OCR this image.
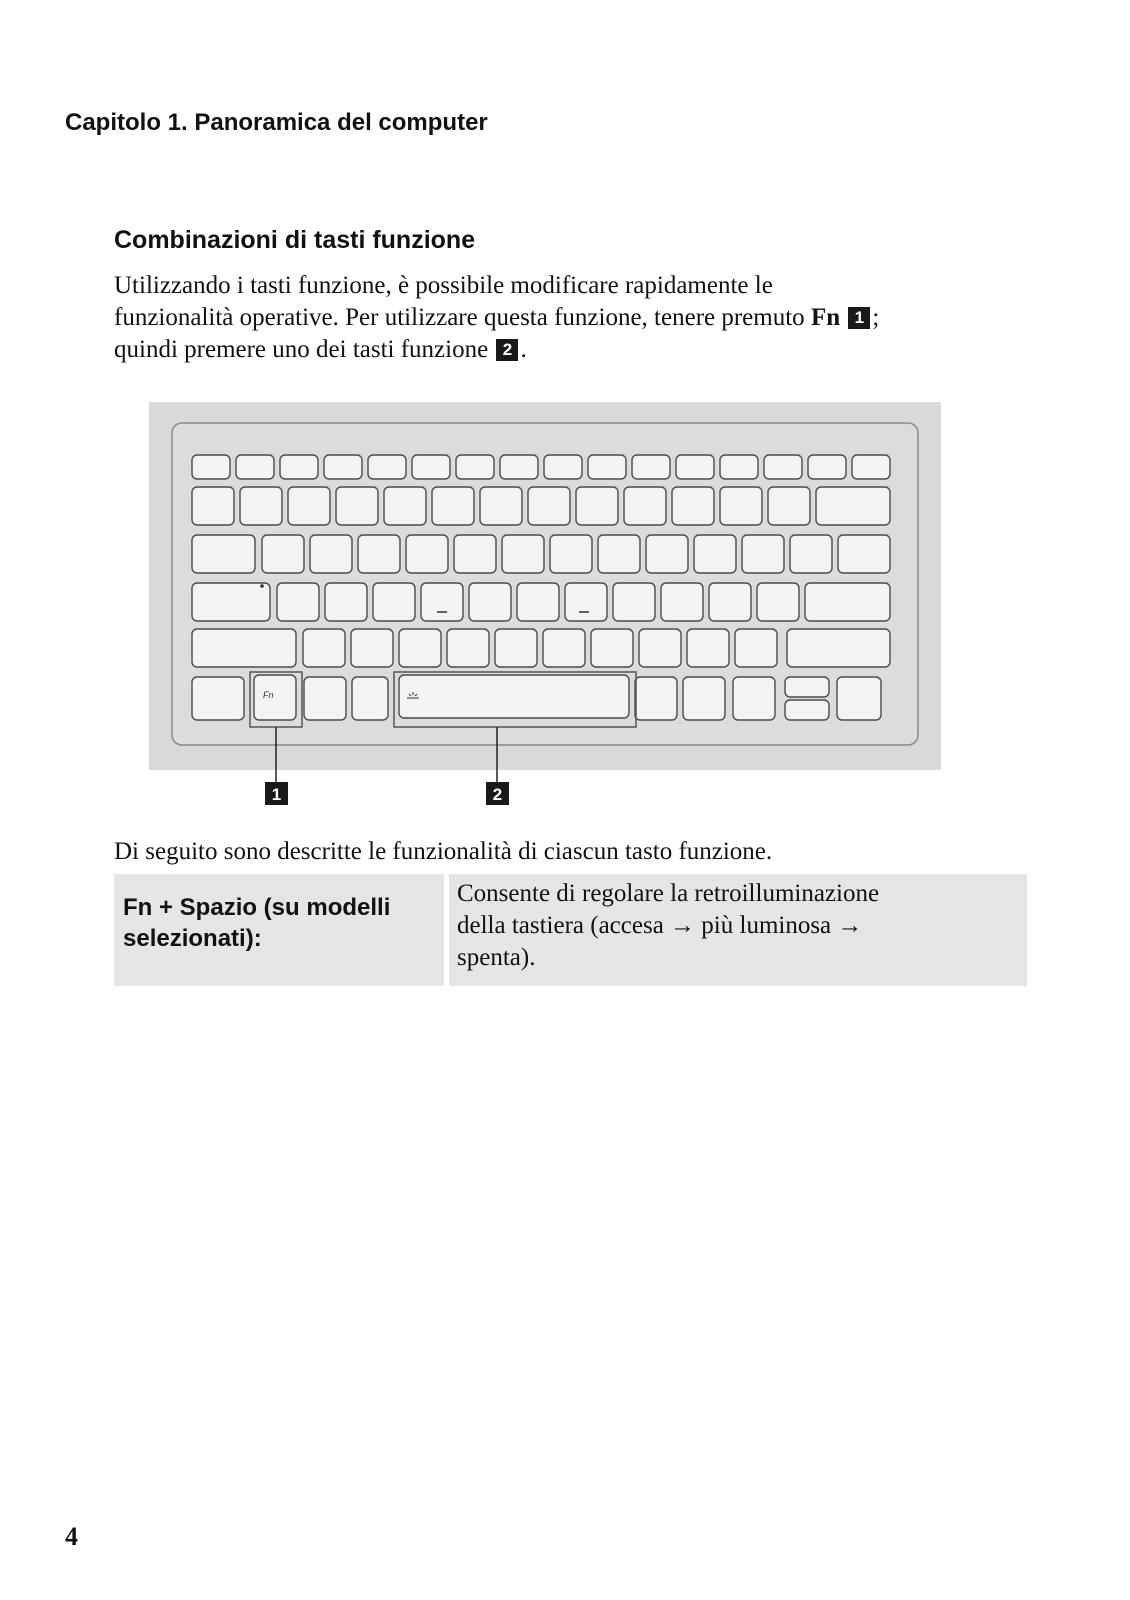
Capitolo 1. Panoramica del computer
Combinazioni di tasti funzione
Utilizzando i tasti funzione, è possibile modificare rapidamente le
funzionalità operative. Per utilizzare questa funzione, tenere premuto Fn 1 ;
quindi premere uno dei tasti funzione 2 .
Fn
1	2
Di seguito sono descritte le funzionalità di ciascun tasto funzione.
Fn + Spazio (su modelli
selezionati):
Consente di regolare la retroilluminazione
della tastiera (accesa → più luminosa →
spenta).
4
